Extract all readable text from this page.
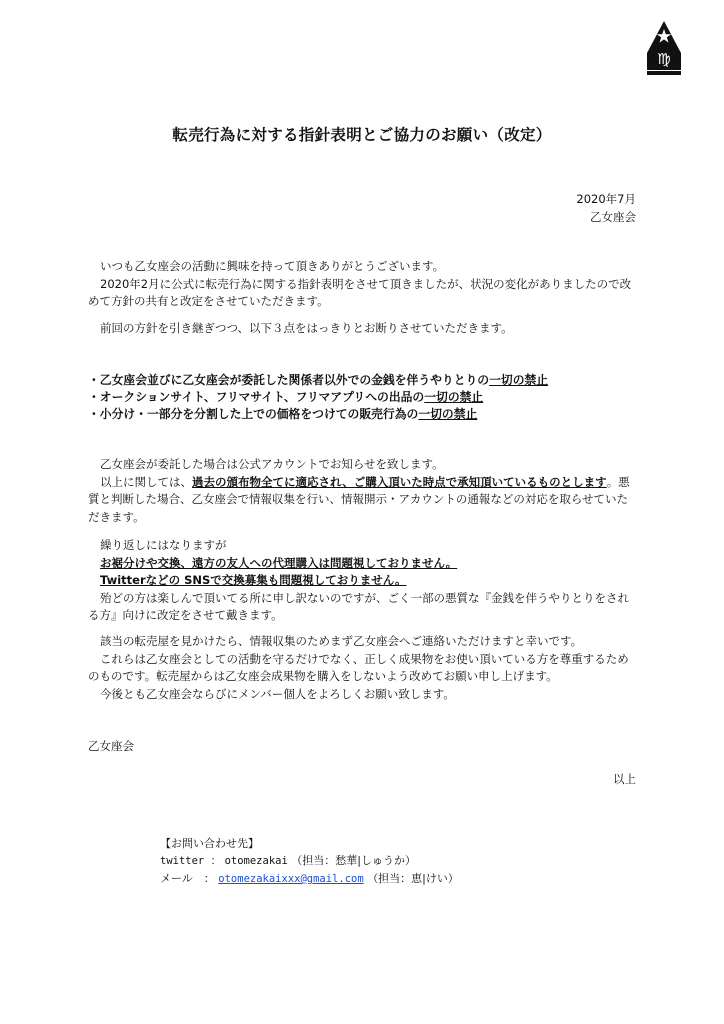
♍
転売行為に対する指針表明とご協力のお願い（改定）
2020年7月
乙女座会

いつも乙女座会の活動に興味を持って頂きありがとうございます。

2020年2月に公式に転売行為に関する指針表明をさせて頂きましたが、状況の変化がありましたので改めて方針の共有と改定をさせていただきます。

前回の方針を引き継ぎつつ、以下３点をはっきりとお断りさせていただきます。

・乙女座会並びに乙女座会が委託した関係者以外での金銭を伴うやりとりの一切の禁止
・オークションサイト、フリマサイト、フリマアプリへの出品の一切の禁止
・小分け・一部分を分割した上での価格をつけての販売行為の一切の禁止

乙女座会が委託した場合は公式アカウントでお知らせを致します。

以上に関しては、過去の頒布物全てに適応され、ご購入頂いた時点で承知頂いているものとします。悪質と判断した場合、乙女座会で情報収集を行い、情報開示・アカウントの通報などの対応を取らせていただきます。

繰り返しにはなりますが

お裾分けや交換、遠方の友人への代理購入は問題視しておりません。

Twitterなどの SNSで交換募集も問題視しておりません。

殆どの方は楽しんで頂いてる所に申し訳ないのですが、ごく一部の悪質な『金銭を伴うやりとりをされる方』向けに改定をさせて戴きます。

該当の転売屋を見かけたら、情報収集のためまず乙女座会へご連絡いただけますと幸いです。

これらは乙女座会としての活動を守るだけでなく、正しく成果物をお使い頂いている方を尊重するためのものです。転売屋からは乙女座会成果物を購入をしないよう改めてお願い申し上げます。

今後とも乙女座会ならびにメンバー個人をよろしくお願い致します。

乙女座会
以上
【お問い合わせ先】
twitter ： otomezakai （担当：愁華|しゅうか）
メール　： otomezakaixxx@gmail.com （担当：恵|けい）
